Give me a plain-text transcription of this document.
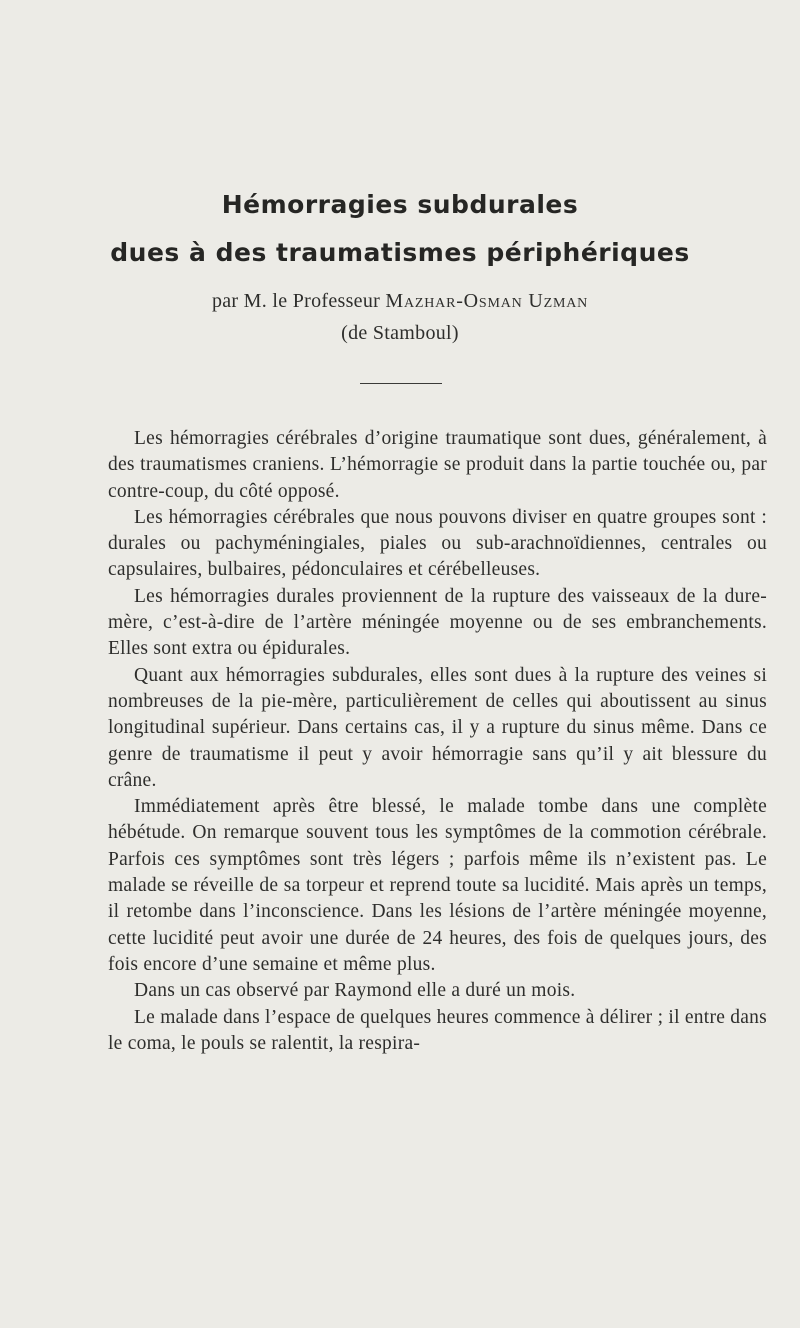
Hémorragies subdurales
dues à des traumatismes périphériques
par M. le Professeur Mazhar-Osman Uzman
(de Stamboul)

Les hémorragies cérébrales d’origine traumatique sont dues, généralement, à des traumatismes craniens. L’hémorragie se produit dans la partie touchée ou, par contre-coup, du côté opposé.

Les hémorragies cérébrales que nous pouvons diviser en quatre groupes sont : durales ou pachyméningiales, piales ou sub-arachnoïdiennes, centrales ou capsulaires, bulbaires, pédonculaires et cérébelleuses.

Les hémorragies durales proviennent de la rupture des vaisseaux de la dure-mère, c’est-à-dire de l’artère méningée moyenne ou de ses embranchements. Elles sont extra ou épidurales.

Quant aux hémorragies subdurales, elles sont dues à la rupture des veines si nombreuses de la pie-mère, particulièrement de celles qui aboutissent au sinus longitudinal supérieur. Dans certains cas, il y a rupture du sinus même. Dans ce genre de traumatisme il peut y avoir hémorragie sans qu’il y ait blessure du crâne.

Immédiatement après être blessé, le malade tombe dans une complète hébétude. On remarque souvent tous les symptômes de la commotion cérébrale. Parfois ces symptômes sont très légers ; parfois même ils n’existent pas. Le malade se réveille de sa torpeur et reprend toute sa lucidité. Mais après un temps, il retombe dans l’inconscience. Dans les lésions de l’artère méningée moyenne, cette lucidité peut avoir une durée de 24 heures, des fois de quelques jours, des fois encore d’une semaine et même plus.

Dans un cas observé par Raymond elle a duré un mois.

Le malade dans l’espace de quelques heures commence à délirer ; il entre dans le coma, le pouls se ralentit, la respira-
